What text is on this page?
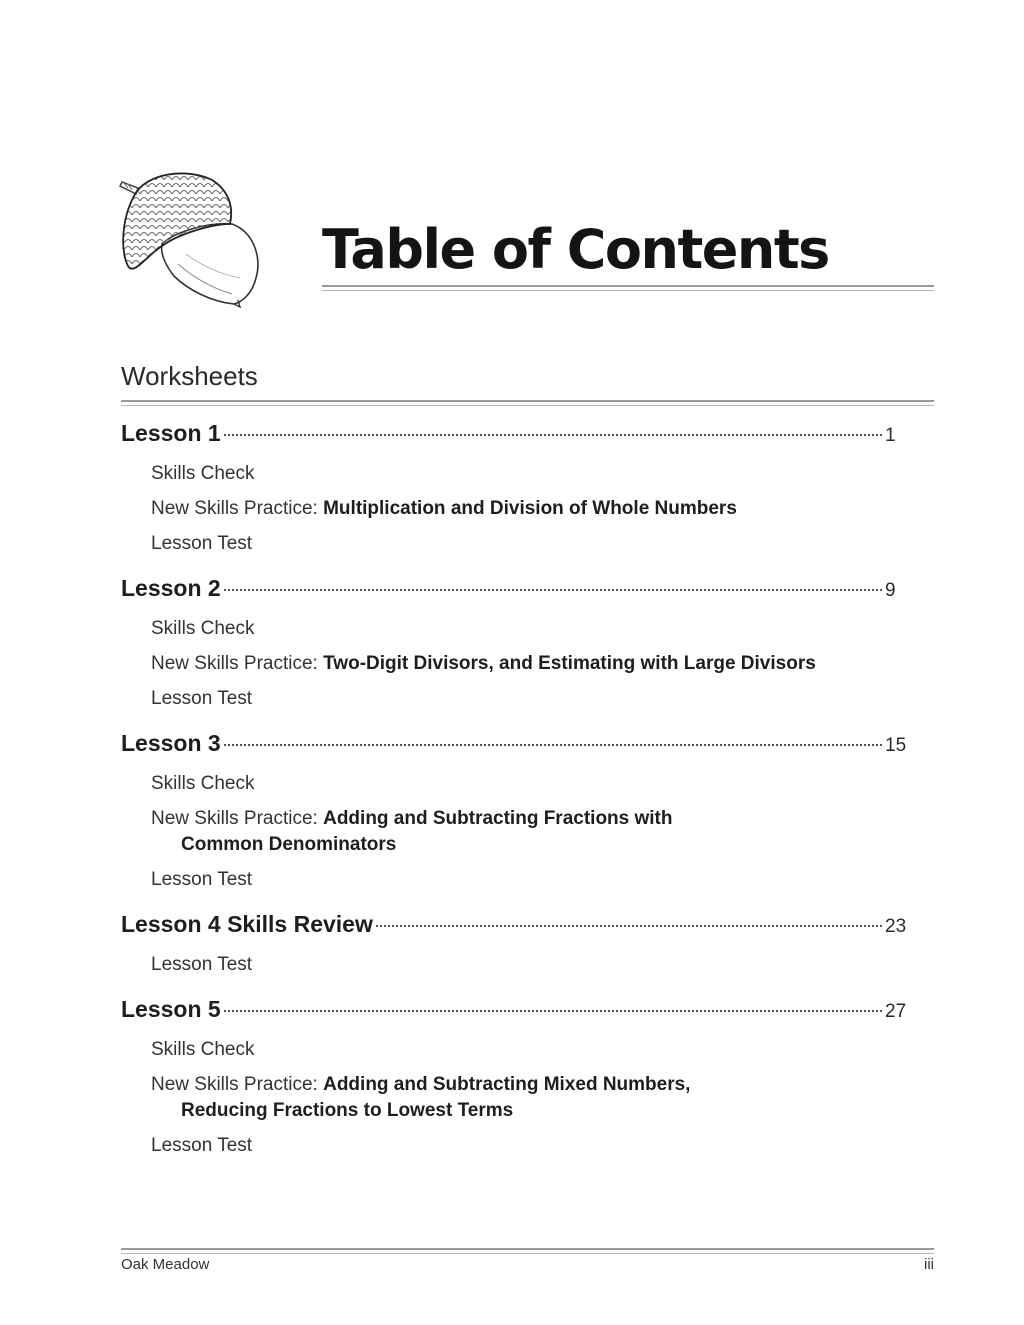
Table of Contents
Worksheets
Lesson 1	1
Skills Check
New Skills Practice: Multiplication and Division of Whole Numbers
Lesson Test
Lesson 2	9
Skills Check
New Skills Practice: Two-Digit Divisors, and Estimating with Large Divisors
Lesson Test
Lesson 3	15
Skills Check
New Skills Practice: Adding and Subtracting Fractions with
Common Denominators
Lesson Test
Lesson 4 Skills Review	23
Lesson Test
Lesson 5	27
Skills Check
New Skills Practice: Adding and Subtracting Mixed Numbers,
Reducing Fractions to Lowest Terms
Lesson Test
Oak Meadow	iii
